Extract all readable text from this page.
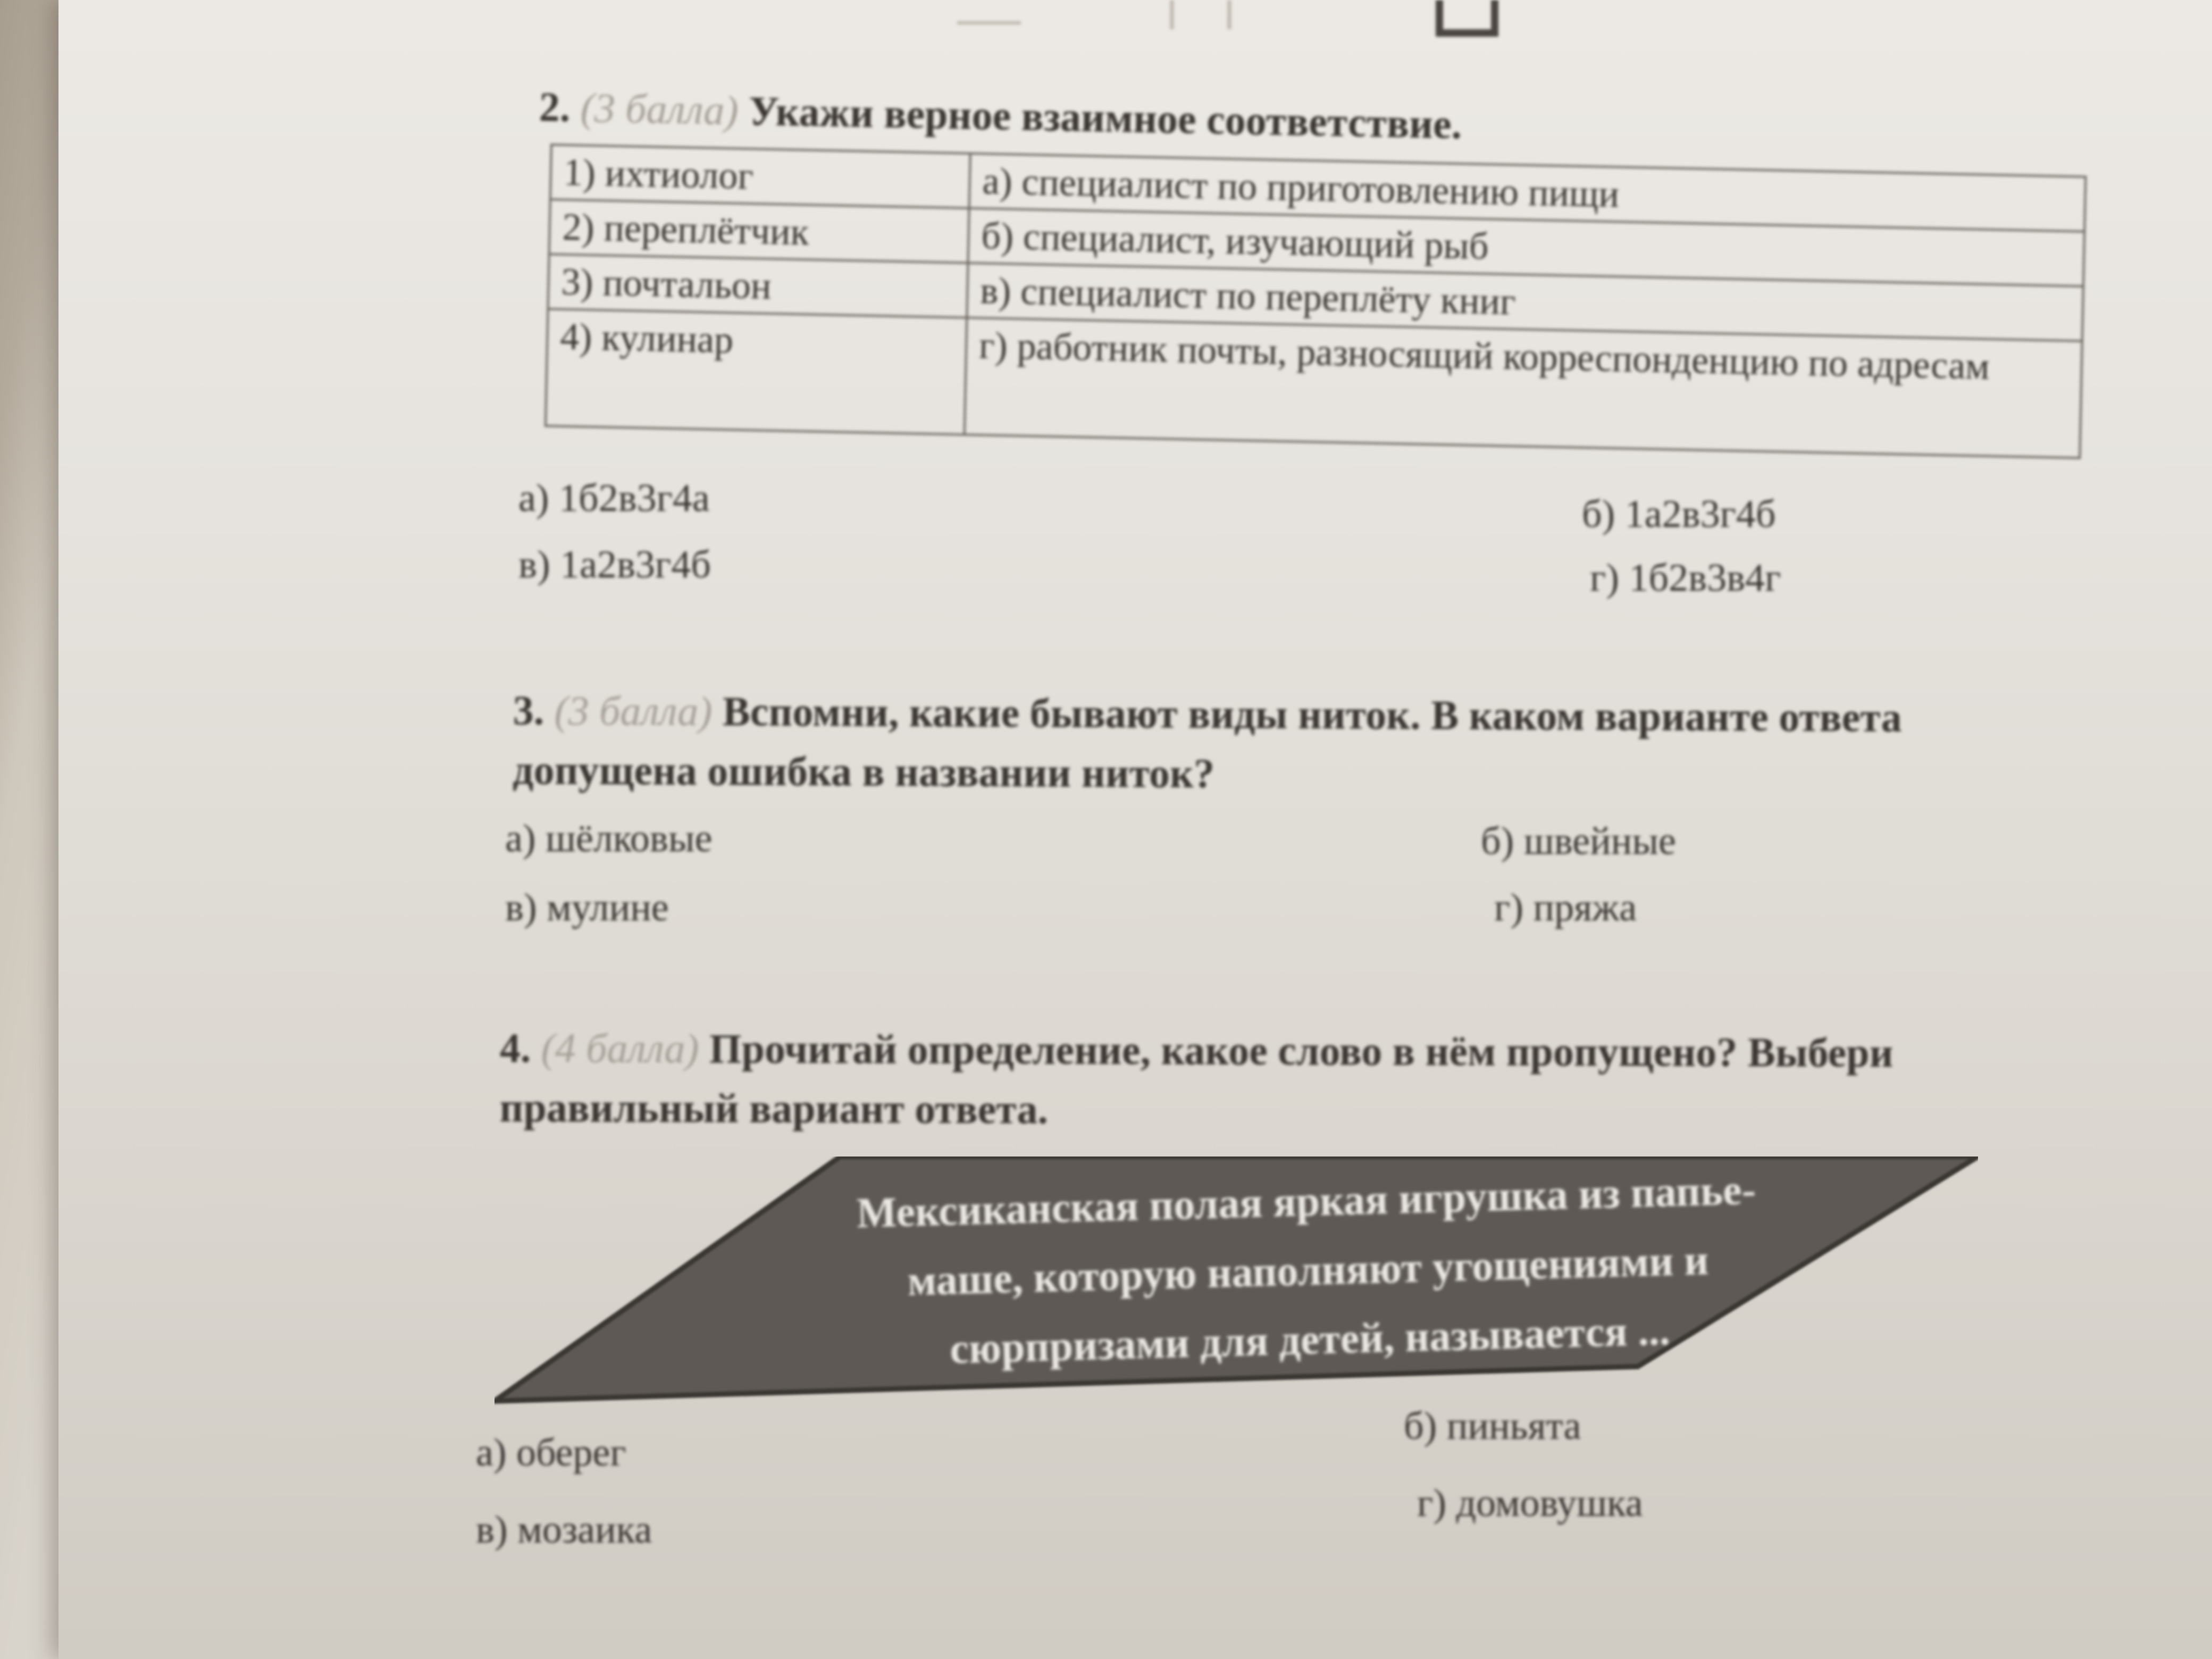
2. (3 балла) Укажи верное взаимное соответствие.
1) ихтиолог	а) специалист по приготовлению пищи
2) переплётчик	б) специалист, изучающий рыб
3) почтальон	в) специалист по переплёту книг
4) кулинар	г) работник почты, разносящий корреспонденцию по адресам
а) 1б2в3г4а	б) 1а2в3г4б
в) 1а2в3г4б	г) 1б2в3в4г
3. (3 балла) Вспомни, какие бывают виды ниток. В каком варианте ответа
допущена ошибка в названии ниток?
а) шёлковые	б) швейные
в) мулине	г) пряжа
4. (4 балла) Прочитай определение, какое слово в нём пропущено? Выбери
правильный вариант ответа.
Мексиканская полая яркая игрушка из папье-
маше, которую наполняют угощениями и
сюрпризами для детей, называется ...
а) оберег
б) пиньята
в) мозаика
г) домовушка
